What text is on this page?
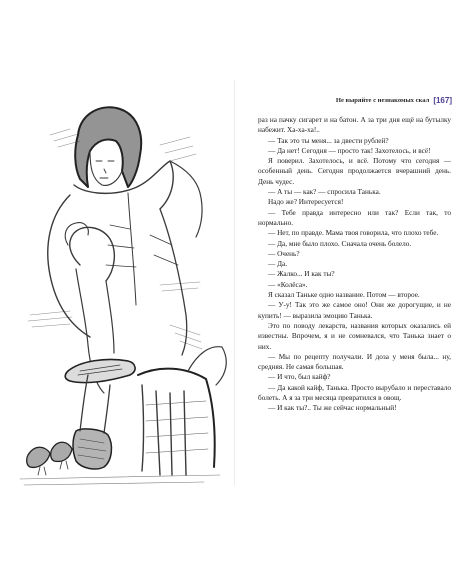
Не выряйте с незнакомых скал [167]

раз на пачку сигарет и на батон. А за три дня ещё на бутылку набежит. Ха-ха-ха!..

— Так это ты меня... за двести рублей?

— Да нет! Сегодня — просто так! Захотелось, и всё!

Я поверил. Захотелось, и всё. Потому что сегодня — особенный день. Сегодня продолжается вчерашний день. День чудес.

— А ты — как? — спросила Танька.

Надо же? Интересуется!

— Тебе правда интересно или так? Если так, то нормально.

— Нет, по правде. Мама твоя говорила, что плохо тебе.

— Да, мне было плохо. Сначала очень болело.

— Очень?

— Да.

— Жалко... И как ты?

— «Колёса».

Я сказал Таньке одно название. Потом — второе.

— У-у! Так это же самое оно! Они же дорогущие, и не купить! — выразила эмоцию Танька.

Это по поводу лекарств, названия которых оказались ей известны. Впрочем, я и не сомневался, что Танька знает о них.

— Мы по рецепту получали. И доза у меня была... ну, средняя. Не самая большая.

— И что, был кайф?

— Да какой кайф, Танька. Просто вырубало и переставало болеть. А я за три месяца превратился в овощ.

— И как ты?.. Ты же сейчас нормальный!
